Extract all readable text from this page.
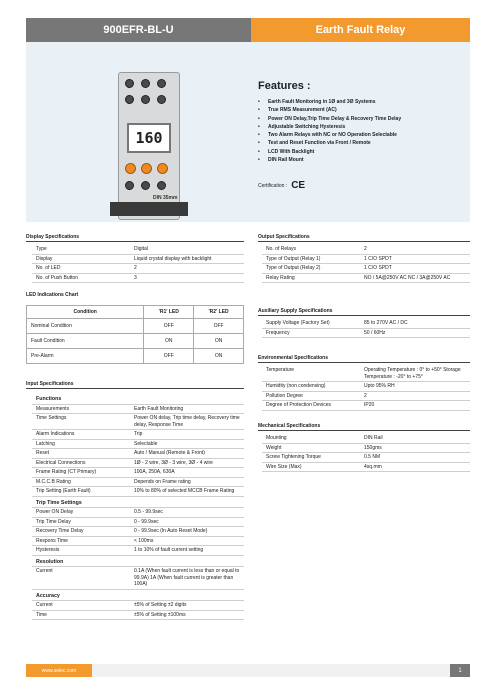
900EFR-BL-U	Earth Fault Relay
160
DIN 35mm
Features :
• Earth Fault Monitoring in 1Ø and 3Ø Systems
• True RMS Measurement (AC)
• Power ON Delay,Trip Time Delay & Recovery Time Delay
• Adjustable Switching Hysteresis
• Two Alarm Relays with NC or NO Operation Selectable
• Test and Reset Function via Front / Remote
• LCD With Backlight
• DIN Rail Mount
Certification : CE
Display Specifications
Type	Digital
Display	Liquid crystal display with backlight
No. of LED	2
No. of Push Button	3
LED Indications Chart
Condition	'R1' LED	'R2' LED
Nominal Condition	OFF	OFF
Fault Condition	ON	ON
Pre-Alarm	OFF	ON
Input Specifications
Functions	
Measurements	Earth Fault Monitoring
Time Settings	Power ON delay, Trip time delay, Recovery time delay, Response Time
Alarm Indications	Trip
Latching	Selectable
Reset	Auto / Manual (Remote & Front)
Electrical Connections	1Ø - 2 wire, 3Ø - 3 wire, 3Ø - 4 wire
Frame Rating (CT Primary)	100A, 250A, 630A
M.C.C.B Rating	Depends on Frame rating
Trip Setting (Earth Fault)	10% to 80% of selected MCCB Frame Rating
Trip Time Settings	
Power ON Delay	0.5 - 99.9sec
Trip Time Delay	0 - 99.9sec
Recovery Time Delay	0 - 99.9sec (In Auto Reset Mode)
Respons Time	< 100ms
Hysteresis	1 to 10% of fault current setting
Resolution	
Current	0.1A (When fault current is less than or equal to 99.9A) 1A (When fault current is greater than 100A)
Accuracy	
Current	±5% of Setting ±2 digits
Time	±5% of Setting ±100ms
Output Specifications
No. of Relays	2
Type of Output (Relay 1)	1 C/O SPDT
Type of Output (Relay 2)	1 C/O SPDT
Relay Rating	NO / 5A@250V AC NC / 3A@250V AC
Auxiliary Supply Specifications
Supply Voltage (Factory Set)	85 to 270V AC / DC
Frequency	50 / 60Hz
Environmental Specifications
Temperature	Operating Temperature : 0° to +50° Storage Temperature : -20° to +75°
Humidity (non condensing)	Upto 95% RH
Pollution Degree	2
Degree of Protection Devices	IP20
Mechanical Specifications
Mounting	DIN Rail
Weight	150gms
Screw Tightening Torque	0.5 NM
Wire Size (Max)	4sq.mm
www.selec.com	1
